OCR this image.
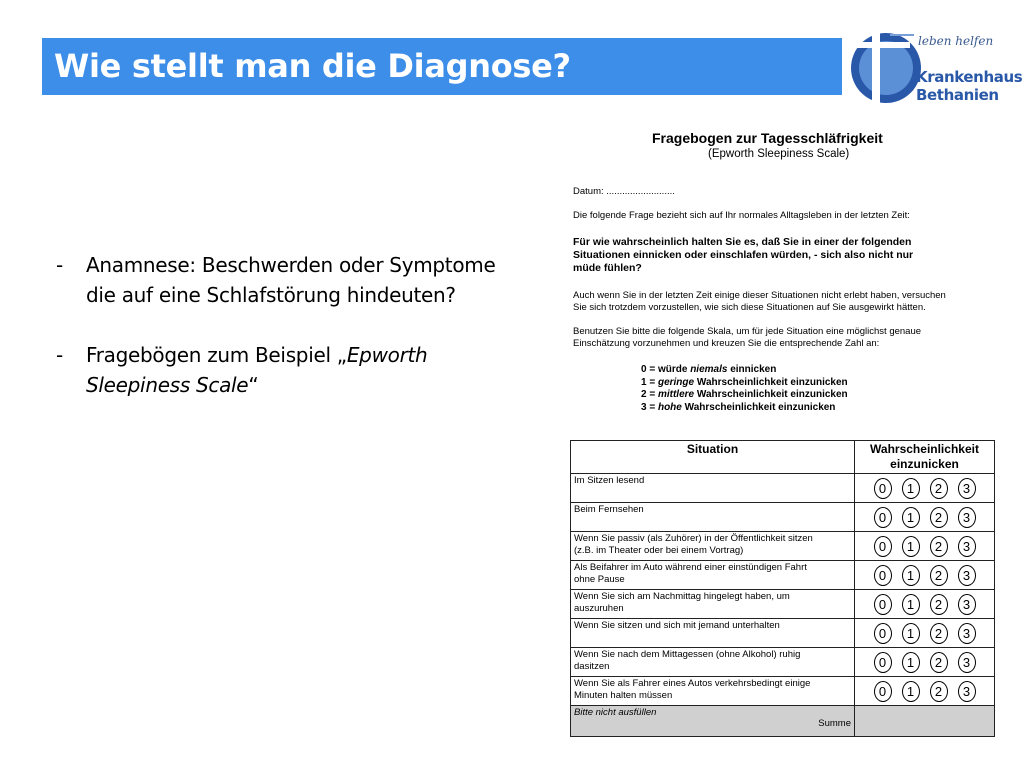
Wie stellt man die Diagnose?
leben helfen
Krankenhaus
Bethanien
- Anamnese: Beschwerden oder Symptome
die auf eine Schlafstörung hindeuten?
- Fragebögen zum Beispiel „Epworth
Sleepiness Scale“
Fragebogen zur Tagesschläfrigkeit
(Epworth Sleepiness Scale)
Datum: ..........................
Die folgende Frage bezieht sich auf Ihr normales Alltagsleben in der letzten Zeit:
Für wie wahrscheinlich halten Sie es, daß Sie in einer der folgenden
Situationen einnicken oder einschlafen würden, - sich also nicht nur
müde fühlen?
Auch wenn Sie in der letzten Zeit einige dieser Situationen nicht erlebt haben, versuchen
Sie sich trotzdem vorzustellen, wie sich diese Situationen auf Sie ausgewirkt hätten.
Benutzen Sie bitte die folgende Skala, um für jede Situation eine möglichst genaue
Einschätzung vorzunehmen und kreuzen Sie die entsprechende Zahl an:
0 = würde niemals einnicken
1 = geringe Wahrscheinlichkeit einzunicken
2 = mittlere Wahrscheinlichkeit einzunicken
3 = hohe Wahrscheinlichkeit einzunicken
Situation	Wahrscheinlichkeit
einzunicken
Im Sitzen lesend	0 1 2 3
Beim Fernsehen	0 1 2 3
Wenn Sie passiv (als Zuhörer) in der Öffentlichkeit sitzen
(z.B. im Theater oder bei einem Vortrag)	0 1 2 3
Als Beifahrer im Auto während einer einstündigen Fahrt
ohne Pause	0 1 2 3
Wenn Sie sich am Nachmittag hingelegt haben, um
auszuruhen	0 1 2 3
Wenn Sie sitzen und sich mit jemand unterhalten	0 1 2 3
Wenn Sie nach dem Mittagessen (ohne Alkohol) ruhig
dasitzen	0 1 2 3
Wenn Sie als Fahrer eines Autos verkehrsbedingt einige
Minuten halten müssen	0 1 2 3

Bitte nicht ausfüllen
Summe	
